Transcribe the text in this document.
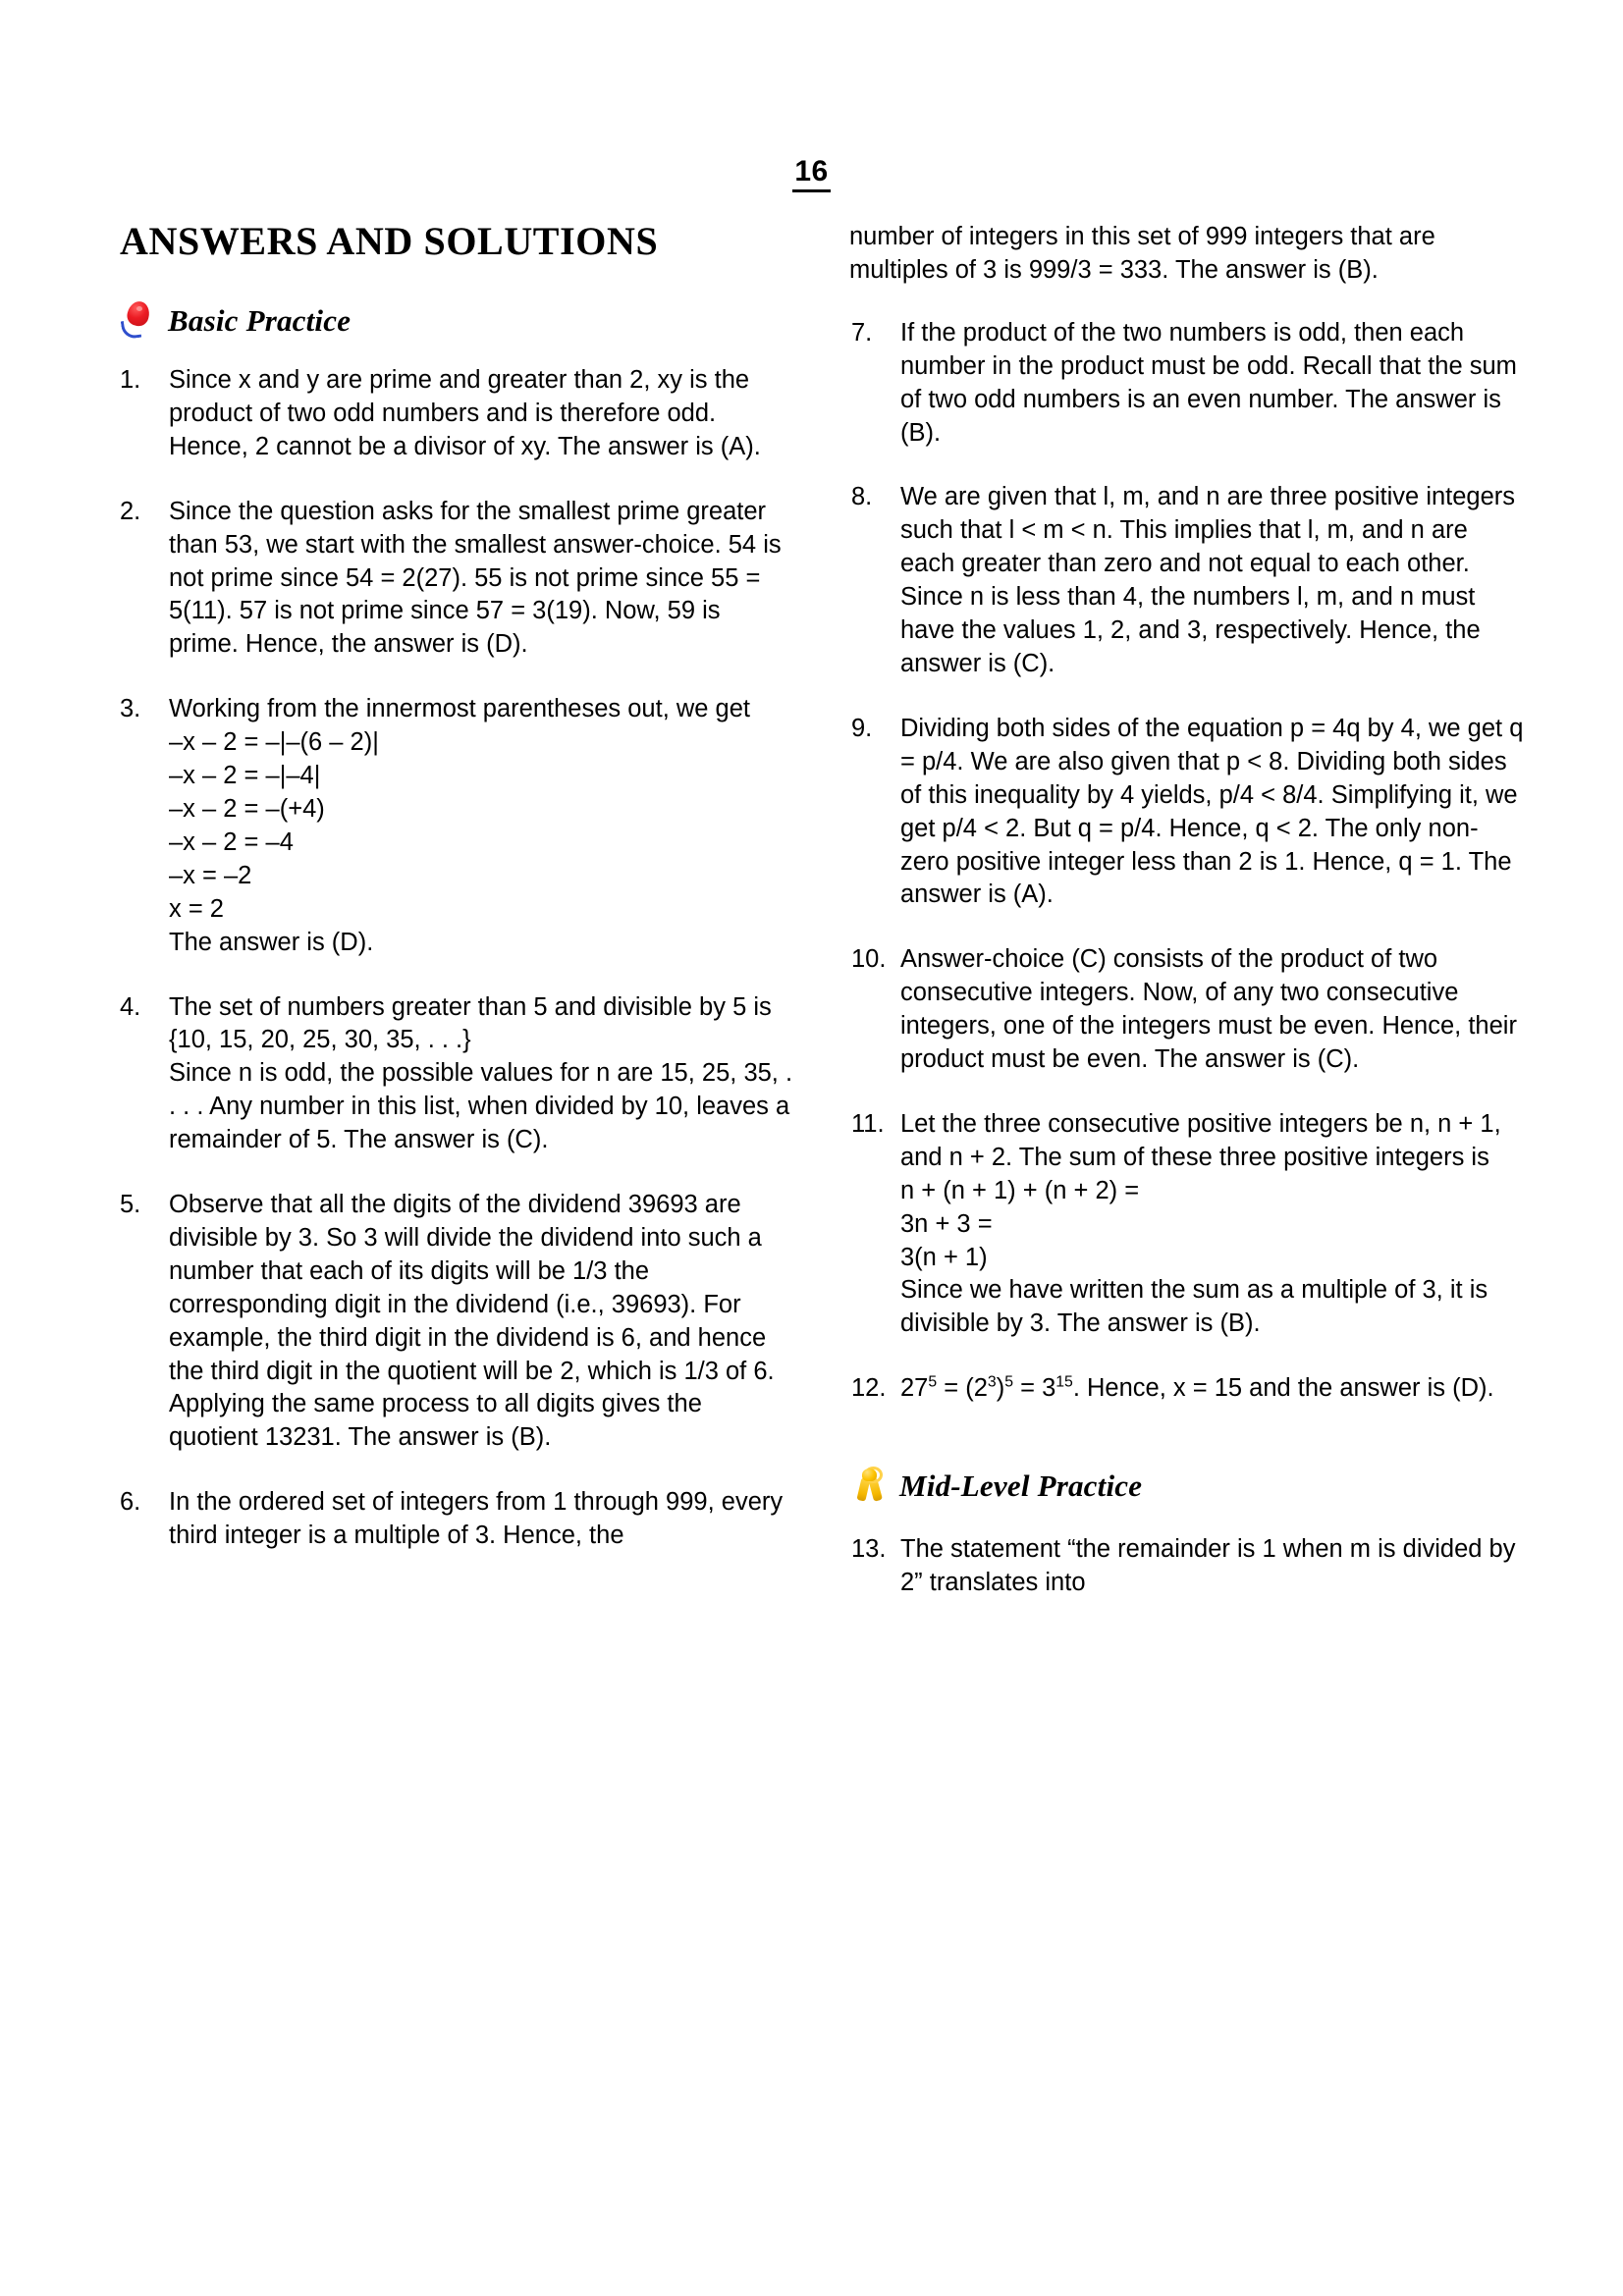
16
ANSWERS AND SOLUTIONS
Basic Practice
1.	Since x and y are prime and greater than 2, xy is the product of two odd numbers and is therefore odd. Hence, 2 cannot be a divisor of xy. The answer is (A).

2.	Since the question asks for the smallest prime greater than 53, we start with the smallest answer-choice. 54 is not prime since 54 = 2(27). 55 is not prime since 55 = 5(11). 57 is not prime since 57 = 3(19). Now, 59 is prime. Hence, the answer is (D).

3.	Working from the innermost parentheses out, we get

–x – 2 = –|–(6 – 2)|

–x – 2 = –|–4|

–x – 2 = –(+4)

–x – 2 = –4

–x = –2

x = 2

The answer is (D).

4.	The set of numbers greater than 5 and divisible by 5 is

{10, 15, 20, 25, 30, 35, . . .}

Since n is odd, the possible values for n are 15, 25, 35, . . . . Any number in this list, when divided by 10, leaves a remainder of 5. The answer is (C).

5.	Observe that all the digits of the dividend 39693 are divisible by 3. So 3 will divide the dividend into such a number that each of its digits will be 1/3 the corresponding digit in the dividend (i.e., 39693). For example, the third digit in the dividend is 6, and hence the third digit in the quotient will be 2, which is 1/3 of 6. Applying the same process to all digits gives the quotient 13231. The answer is (B).

6.	In the ordered set of integers from 1 through 999, every third integer is a multiple of 3. Hence, the

number of integers in this set of 999 integers that are multiples of 3 is 999/3 = 333. The answer is (B).

7.	If the product of the two numbers is odd, then each number in the product must be odd. Recall that the sum of two odd numbers is an even number. The answer is (B).

8.	We are given that l, m, and n are three positive integers such that l < m < n. This implies that l, m, and n are each greater than zero and not equal to each other. Since n is less than 4, the numbers l, m, and n must have the values 1, 2, and 3, respectively. Hence, the answer is (C).

9.	Dividing both sides of the equation p = 4q by 4, we get q = p/4. We are also given that p < 8. Dividing both sides of this inequality by 4 yields, p/4 < 8/4. Simplifying it, we get p/4 < 2. But q = p/4. Hence, q < 2. The only non-zero positive integer less than 2 is 1. Hence, q = 1. The answer is (A).

10. Answer-choice (C) consists of the product of two consecutive integers. Now, of any two consecutive integers, one of the integers must be even. Hence, their product must be even. The answer is (C).

11. Let the three consecutive positive integers be n, n + 1, and n + 2. The sum of these three positive integers is

n + (n + 1) + (n + 2) =

3n + 3 =

3(n + 1)

Since we have written the sum as a multiple of 3, it is divisible by 3. The answer is (B).

12. $27^5 = (2^3)^5 = 3^{15}$. Hence, x = 15 and the answer is (D).

Mid-Level Practice
13. The statement “the remainder is 1 when m is divided by 2” translates into
